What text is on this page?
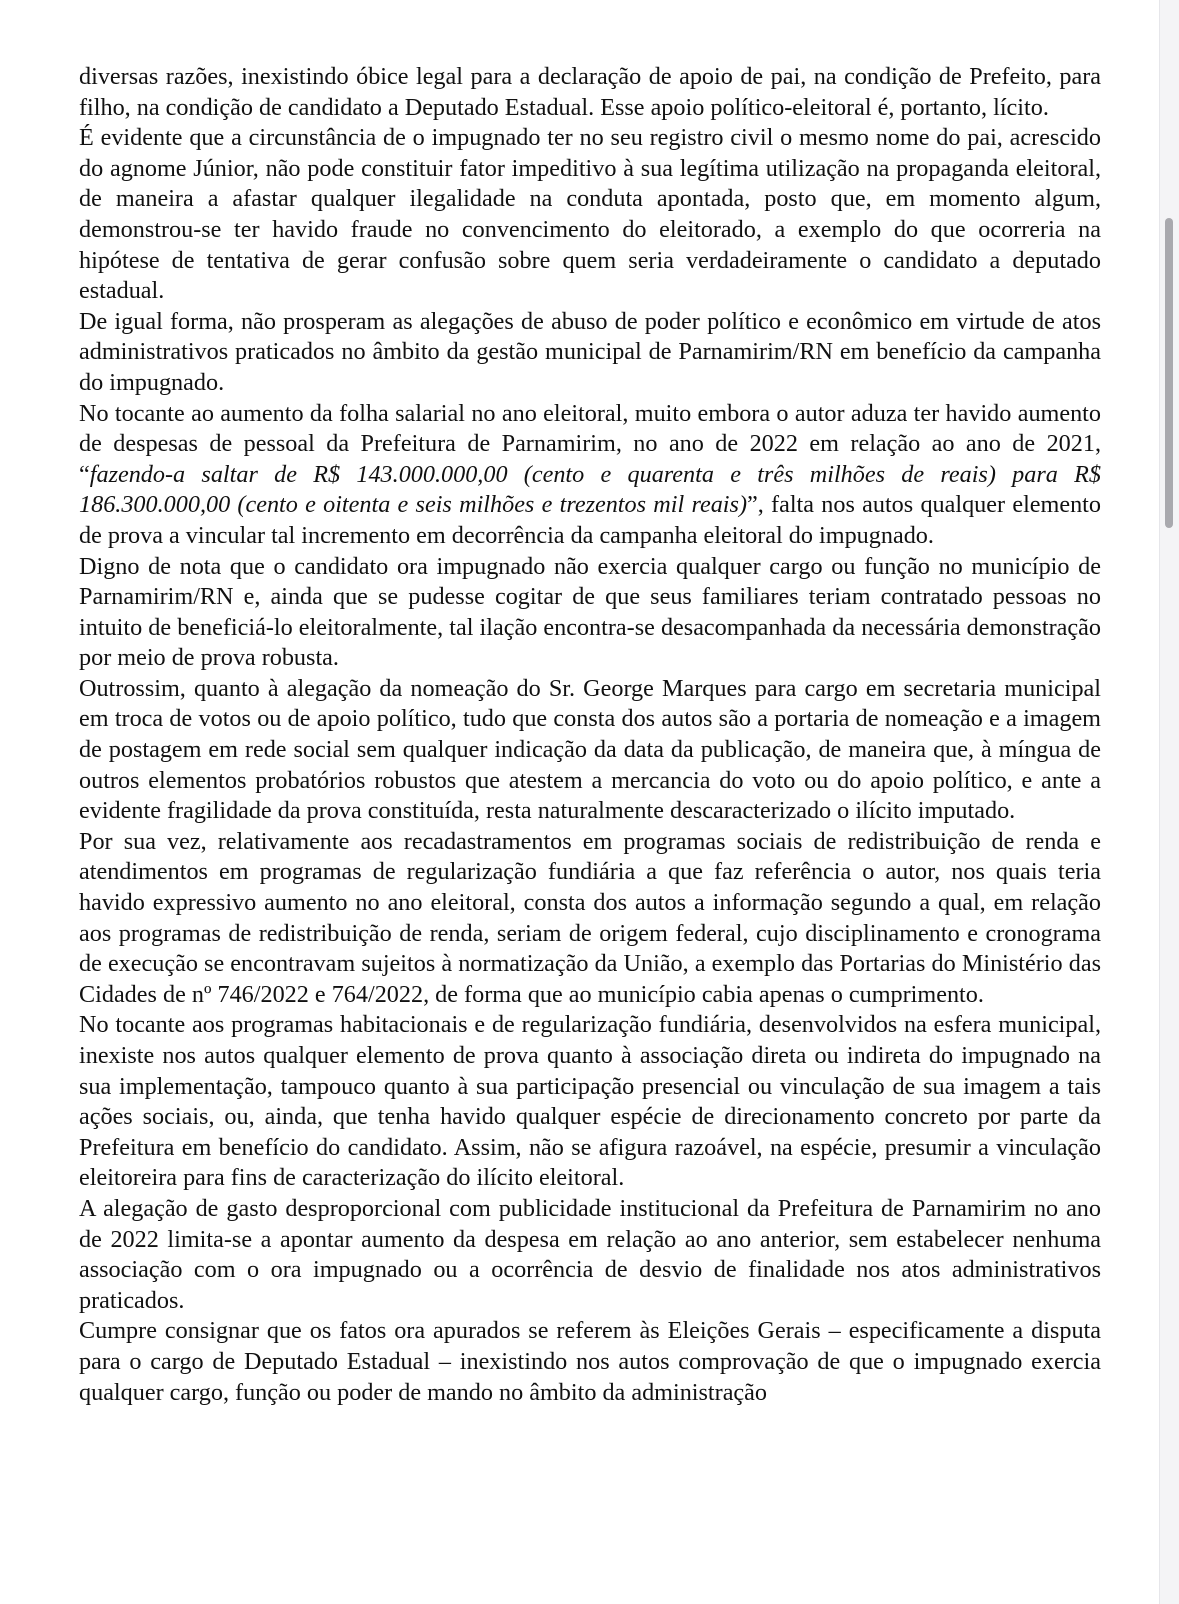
diversas razões, inexistindo óbice legal para a declaração de apoio de pai, na condição de Prefeito, para filho, na condição de candidato a Deputado Estadual. Esse apoio político-eleitoral é, portanto, lícito.

É evidente que a circunstância de o impugnado ter no seu registro civil o mesmo nome do pai, acrescido do agnome Júnior, não pode constituir fator impeditivo à sua legítima utilização na propaganda eleitoral, de maneira a afastar qualquer ilegalidade na conduta apontada, posto que, em momento algum, demonstrou-se ter havido fraude no convencimento do eleitorado, a exemplo do que ocorreria na hipótese de tentativa de gerar confusão sobre quem seria verdadeiramente o candidato a deputado estadual.

De igual forma, não prosperam as alegações de abuso de poder político e econômico em virtude de atos administrativos praticados no âmbito da gestão municipal de Parnamirim/RN em benefício da campanha do impugnado.

No tocante ao aumento da folha salarial no ano eleitoral, muito embora o autor aduza ter havido aumento de despesas de pessoal da Prefeitura de Parnamirim, no ano de 2022 em relação ao ano de 2021, “fazendo-a saltar de R$ 143.000.000,00 (cento e quarenta e três milhões de reais) para R$ 186.300.000,00 (cento e oitenta e seis milhões e trezentos mil reais)”, falta nos autos qualquer elemento de prova a vincular tal incremento em decorrência da campanha eleitoral do impugnado.

Digno de nota que o candidato ora impugnado não exercia qualquer cargo ou função no município de Parnamirim/RN e, ainda que se pudesse cogitar de que seus familiares teriam contratado pessoas no intuito de beneficiá-lo eleitoralmente, tal ilação encontra-se desacompanhada da necessária demonstração por meio de prova robusta.

Outrossim, quanto à alegação da nomeação do Sr. George Marques para cargo em secretaria municipal em troca de votos ou de apoio político, tudo que consta dos autos são a portaria de nomeação e a imagem de postagem em rede social sem qualquer indicação da data da publicação, de maneira que, à míngua de outros elementos probatórios robustos que atestem a mercancia do voto ou do apoio político, e ante a evidente fragilidade da prova constituída, resta naturalmente descaracterizado o ilícito imputado.

Por sua vez, relativamente aos recadastramentos em programas sociais de redistribuição de renda e atendimentos em programas de regularização fundiária a que faz referência o autor, nos quais teria havido expressivo aumento no ano eleitoral, consta dos autos a informação segundo a qual, em relação aos programas de redistribuição de renda, seriam de origem federal, cujo disciplinamento e cronograma de execução se encontravam sujeitos à normatização da União, a exemplo das Portarias do Ministério das Cidades de nº 746/2022 e 764/2022, de forma que ao município cabia apenas o cumprimento.

No tocante aos programas habitacionais e de regularização fundiária, desenvolvidos na esfera municipal, inexiste nos autos qualquer elemento de prova quanto à associação direta ou indireta do impugnado na sua implementação, tampouco quanto à sua participação presencial ou vinculação de sua imagem a tais ações sociais, ou, ainda, que tenha havido qualquer espécie de direcionamento concreto por parte da Prefeitura em benefício do candidato. Assim, não se afigura razoável, na espécie, presumir a vinculação eleitoreira para fins de caracterização do ilícito eleitoral.

A alegação de gasto desproporcional com publicidade institucional da Prefeitura de Parnamirim no ano de 2022 limita-se a apontar aumento da despesa em relação ao ano anterior, sem estabelecer nenhuma associação com o ora impugnado ou a ocorrência de desvio de finalidade nos atos administrativos praticados.

Cumpre consignar que os fatos ora apurados se referem às Eleições Gerais – especificamente a disputa para o cargo de Deputado Estadual – inexistindo nos autos comprovação de que o impugnado exercia qualquer cargo, função ou poder de mando no âmbito da administração
